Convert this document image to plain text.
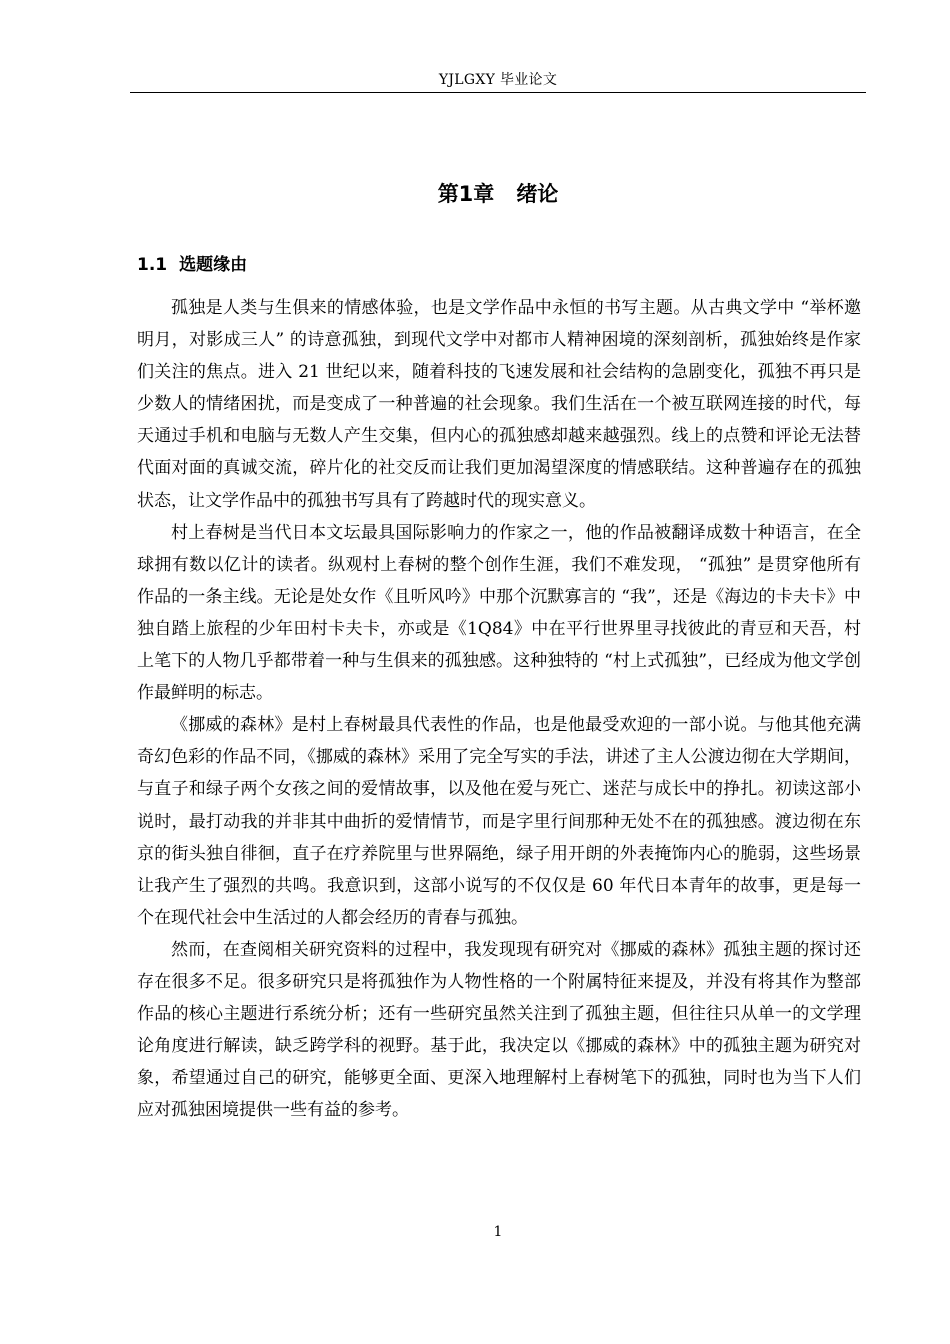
YJLGXY 毕业论文
第1章 绪论
1.1 选题缘由

孤独是人类与生俱来的情感体验，也是文学作品中永恒的书写主题。从古典文学中 “举杯邀明月，对影成三人” 的诗意孤独，到现代文学中对都市人精神困境的深刻剖析，孤独始终是作家们关注的焦点。进入 21 世纪以来，随着科技的飞速发展和社会结构的急剧变化，孤独不再只是少数人的情绪困扰，而是变成了一种普遍的社会现象。我们生活在一个被互联网连接的时代，每天通过手机和电脑与无数人产生交集，但内心的孤独感却越来越强烈。线上的点赞和评论无法替代面对面的真诚交流，碎片化的社交反而让我们更加渴望深度的情感联结。这种普遍存在的孤独状态，让文学作品中的孤独书写具有了跨越时代的现实意义。

村上春树是当代日本文坛最具国际影响力的作家之一，他的作品被翻译成数十种语言，在全球拥有数以亿计的读者。纵观村上春树的整个创作生涯，我们不难发现， “孤独” 是贯穿他所有作品的一条主线。无论是处女作《且听风吟》中那个沉默寡言的 “我”，还是《海边的卡夫卡》中独自踏上旅程的少年田村卡夫卡，亦或是《1Q84》中在平行世界里寻找彼此的青豆和天吾，村上笔下的人物几乎都带着一种与生俱来的孤独感。这种独特的 “村上式孤独”，已经成为他文学创作最鲜明的标志。

《挪威的森林》是村上春树最具代表性的作品，也是他最受欢迎的一部小说。与他其他充满奇幻色彩的作品不同，《挪威的森林》采用了完全写实的手法，讲述了主人公渡边彻在大学期间，与直子和绿子两个女孩之间的爱情故事，以及他在爱与死亡、迷茫与成长中的挣扎。初读这部小说时，最打动我的并非其中曲折的爱情情节，而是字里行间那种无处不在的孤独感。渡边彻在东京的街头独自徘徊，直子在疗养院里与世界隔绝，绿子用开朗的外表掩饰内心的脆弱，这些场景让我产生了强烈的共鸣。我意识到，这部小说写的不仅仅是 60 年代日本青年的故事，更是每一个在现代社会中生活过的人都会经历的青春与孤独。

然而，在查阅相关研究资料的过程中，我发现现有研究对《挪威的森林》孤独主题的探讨还存在很多不足。很多研究只是将孤独作为人物性格的一个附属特征来提及，并没有将其作为整部作品的核心主题进行系统分析；还有一些研究虽然关注到了孤独主题，但往往只从单一的文学理论角度进行解读，缺乏跨学科的视野。基于此，我决定以《挪威的森林》中的孤独主题为研究对象，希望通过自己的研究，能够更全面、更深入地理解村上春树笔下的孤独，同时也为当下人们应对孤独困境提供一些有益的参考。

1
